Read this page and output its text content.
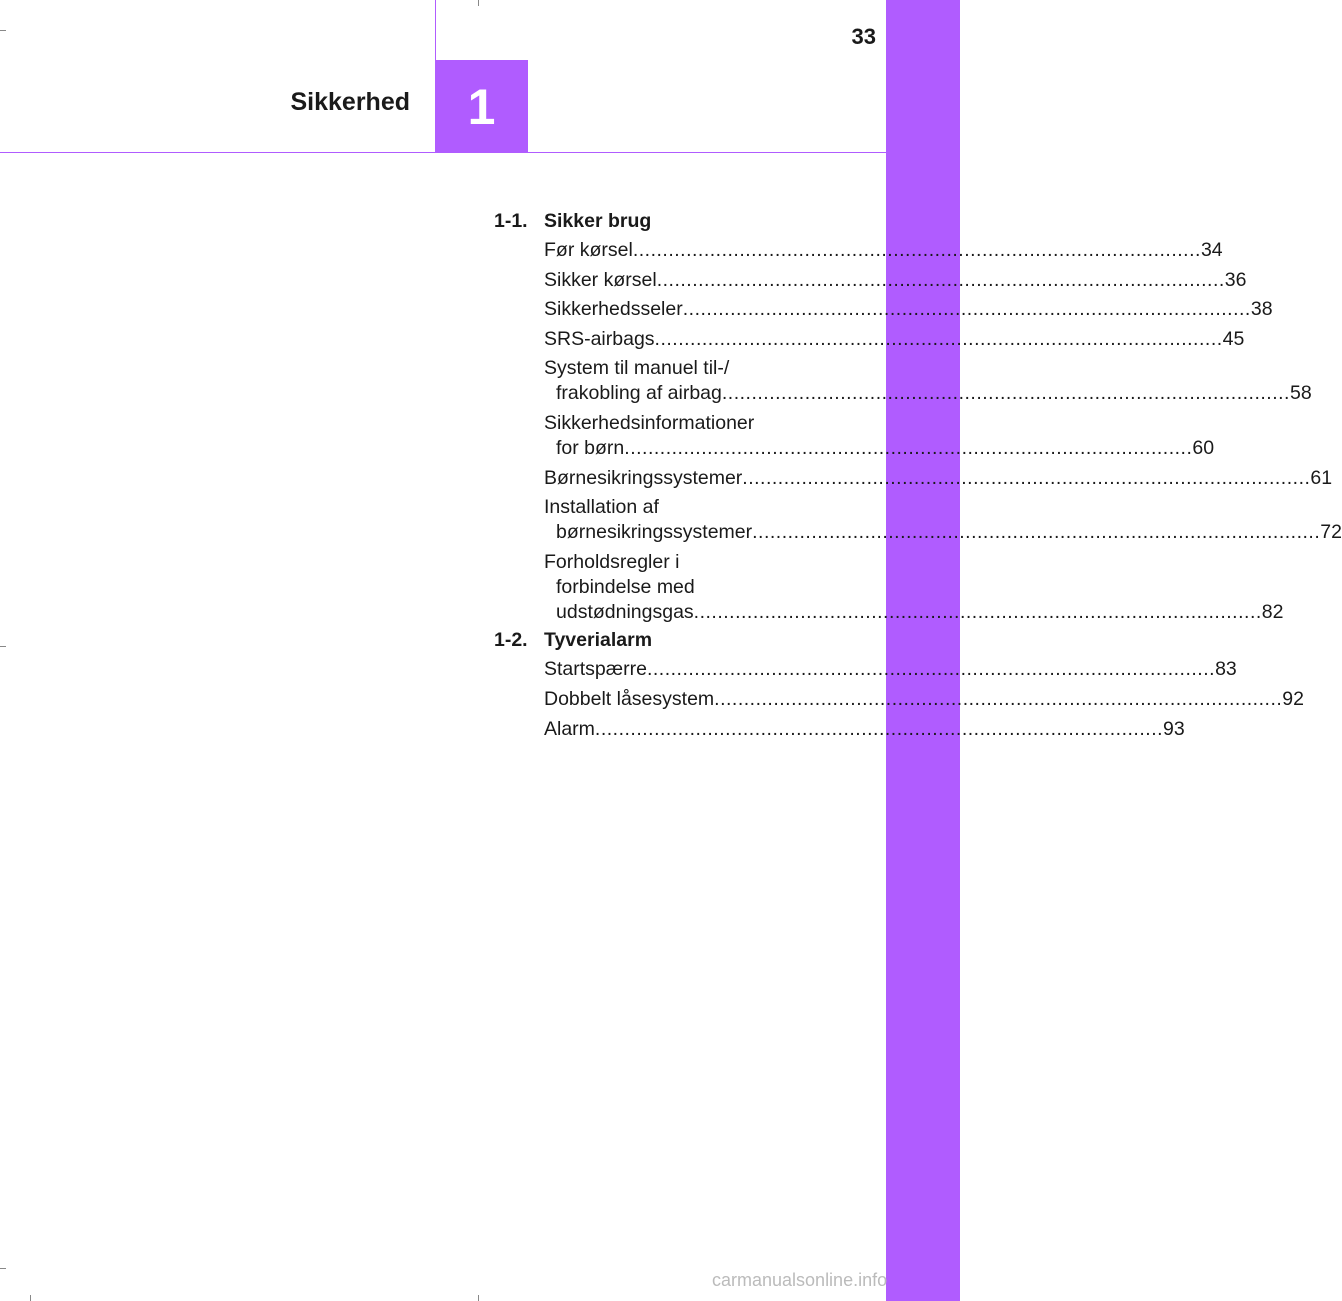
33
1
Sikkerhed
1-1. Sikker brug
Før kørsel .....	34
Sikker kørsel .....	36
Sikkerhedsseler .....	38
SRS-airbags .....	45
System til manuel til-/
frakobling af airbag .....	58
Sikkerhedsinformationer
for børn .....	60
Børnesikringssystemer .....	61
Installation af
børnesikringssystemer .....	72
Forholdsregler i
forbindelse med
udstødningsgas .....	82
1-2. Tyverialarm
Startspærre .....	83
Dobbelt låsesystem .....	92
Alarm .....	93
carmanualsonline.info
